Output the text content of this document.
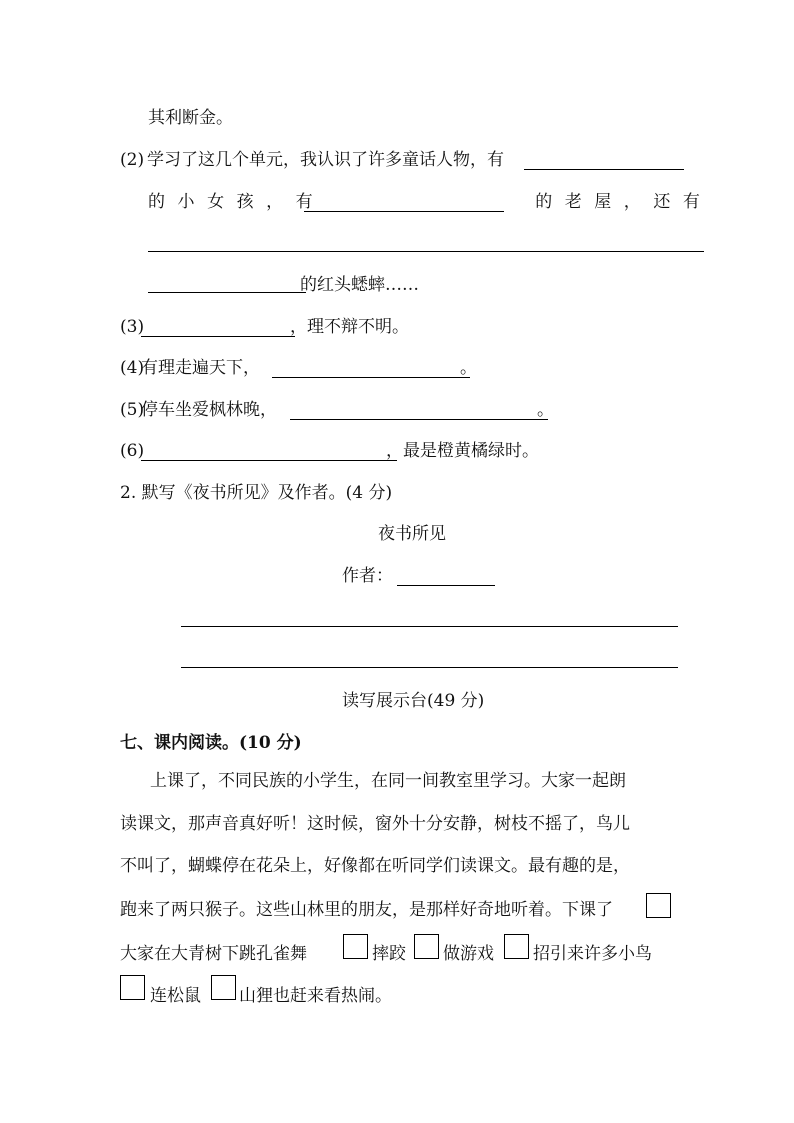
其利断金。
(2) 学习了这几个单元，我认识了许多童话人物，有
的 小 女 孩 ， 有	的 老 屋 ， 还 有
的红头蟋蟀……
(3)	，理不辩不明。
(4)
有理走遍天下，	。
(5)
停车坐爱枫林晚，	。
(6)	，最是橙黄橘绿时。
2. 默写《夜书所见》及作者。(4 分)
夜书所见
作者：
读写展示台(49 分)
七、课内阅读。(10 分)
上课了，不同民族的小学生，在同一间教室里学习。大家一起朗
读课文，那声音真好听！这时候，窗外十分安静，树枝不摇了，鸟儿
不叫了，蝴蝶停在花朵上，好像都在听同学们读课文。最有趣的是，
跑来了两只猴子。这些山林里的朋友，是那样好奇地听着。下课了
大家在大青树下跳孔雀舞	摔跤 做游戏 招引来许多小鸟
连松鼠 山狸也赶来看热闹。
